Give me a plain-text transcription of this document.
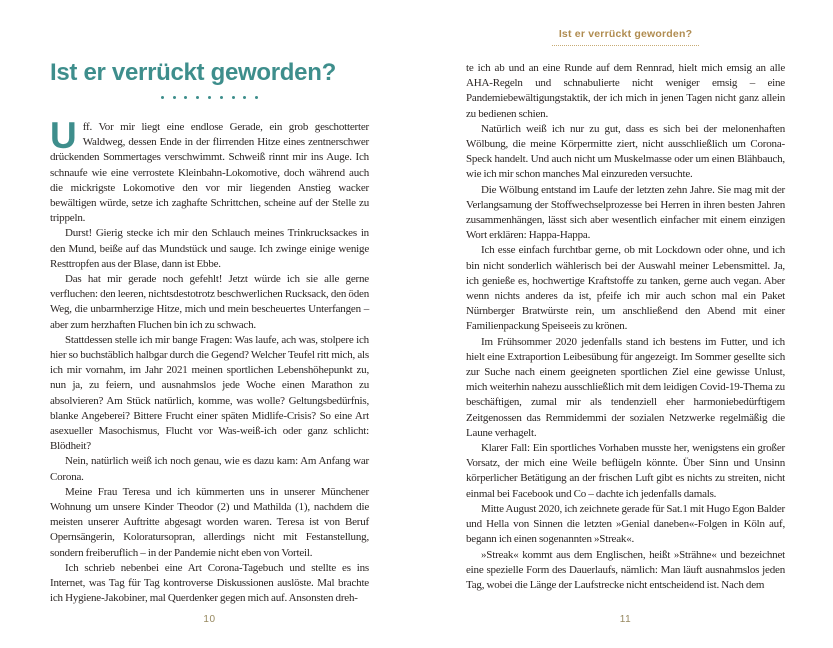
Ist er verrückt geworden?

Uff. Vor mir liegt eine endlose Gerade, ein grob geschotterter Waldweg, dessen Ende in der flirrenden Hitze eines zentnerschwer drückenden Sommertages verschwimmt. Schweiß rinnt mir ins Auge. Ich schnaufe wie eine verrostete Kleinbahn-Lokomotive, doch während auch die mickrigste Lokomotive den vor mir liegenden Anstieg wacker bewältigen würde, setze ich zaghafte Schrittchen, scheine auf der Stelle zu trippeln.

Durst! Gierig stecke ich mir den Schlauch meines Trinkrucksackes in den Mund, beiße auf das Mundstück und sauge. Ich zwinge einige wenige Resttropfen aus der Blase, dann ist Ebbe.

Das hat mir gerade noch gefehlt! Jetzt würde ich sie alle gerne verfluchen: den leeren, nichtsdestotrotz beschwerlichen Rucksack, den öden Weg, die unbarmherzige Hitze, mich und mein bescheuertes Unterfangen – aber zum herzhaften Fluchen bin ich zu schwach.

Stattdessen stelle ich mir bange Fragen: Was laufe, ach was, stolpere ich hier so buchstäblich halbgar durch die Gegend? Welcher Teufel ritt mich, als ich mir vornahm, im Jahr 2021 meinen sportlichen Lebenshöhepunkt zu, nun ja, zu feiern, und ausnahmslos jede Woche einen Marathon zu absolvieren? Am Stück natürlich, komme, was wolle? Geltungsbedürfnis, blanke Angeberei? Bittere Frucht einer späten Midlife-Crisis? So eine Art asexueller Masochismus, Flucht vor Was-weiß-ich oder ganz schlicht: Blödheit?

Nein, natürlich weiß ich noch genau, wie es dazu kam: Am Anfang war Corona.

Meine Frau Teresa und ich kümmerten uns in unserer Münchener Wohnung um unsere Kinder Theodor (2) und Mathilda (1), nachdem die meisten unserer Auftritte abgesagt worden waren. Teresa ist von Beruf Opernsängerin, Koloratursopran, allerdings nicht mit Festanstellung, sondern freiberuflich – in der Pandemie nicht eben von Vorteil.

Ich schrieb nebenbei eine Art Corona-Tagebuch und stellte es ins Internet, was Tag für Tag kontroverse Diskussionen auslöste. Mal brachte ich Hygiene-Jakobiner, mal Querdenker gegen mich auf. Ansonsten dreh-

10
Ist er verrückt geworden?

te ich ab und an eine Runde auf dem Rennrad, hielt mich emsig an alle AHA-Regeln und schnabulierte nicht weniger emsig – eine Pandemiebewältigungstaktik, der ich mich in jenen Tagen nicht ganz allein zu bedienen schien.

Natürlich weiß ich nur zu gut, dass es sich bei der melonenhaften Wölbung, die meine Körpermitte ziert, nicht ausschließlich um Corona-Speck handelt. Und auch nicht um Muskelmasse oder um einen Blähbauch, wie ich mir schon manches Mal einzureden versuchte.

Die Wölbung entstand im Laufe der letzten zehn Jahre. Sie mag mit der Verlangsamung der Stoffwechselprozesse bei Herren in ihren besten Jahren zusammenhängen, lässt sich aber wesentlich einfacher mit einem einzigen Wort erklären: Happa-Happa.

Ich esse einfach furchtbar gerne, ob mit Lockdown oder ohne, und ich bin nicht sonderlich wählerisch bei der Auswahl meiner Lebensmittel. Ja, ich genieße es, hochwertige Kraftstoffe zu tanken, gerne auch vegan. Aber wenn nichts anderes da ist, pfeife ich mir auch schon mal ein Paket Nürnberger Bratwürste rein, um anschließend den Abend mit einer Familienpackung Speiseeis zu krönen.

Im Frühsommer 2020 jedenfalls stand ich bestens im Futter, und ich hielt eine Extraportion Leibesübung für angezeigt. Im Sommer gesellte sich zur Suche nach einem geeigneten sportlichen Ziel eine gewisse Unlust, mich weiterhin nahezu ausschließlich mit dem leidigen Covid-19-Thema zu beschäftigen, zumal mir als tendenziell eher harmoniebedürftigem Zeitgenossen das Remmidemmi der sozialen Netzwerke regelmäßig die Laune verhagelt.

Klarer Fall: Ein sportliches Vorhaben musste her, wenigstens ein großer Vorsatz, der mich eine Weile beflügeln könnte. Über Sinn und Unsinn körperlicher Betätigung an der frischen Luft gibt es nichts zu streiten, nicht einmal bei Facebook und Co – dachte ich jedenfalls damals.

Mitte August 2020, ich zeichnete gerade für Sat.1 mit Hugo Egon Balder und Hella von Sinnen die letzten »Genial daneben«-Folgen in Köln auf, begann ich einen sogenannten »Streak«.

»Streak« kommt aus dem Englischen, heißt »Strähne« und bezeichnet eine spezielle Form des Dauerlaufs, nämlich: Man läuft ausnahmslos jeden Tag, wobei die Länge der Laufstrecke nicht entscheidend ist. Nach dem

11
